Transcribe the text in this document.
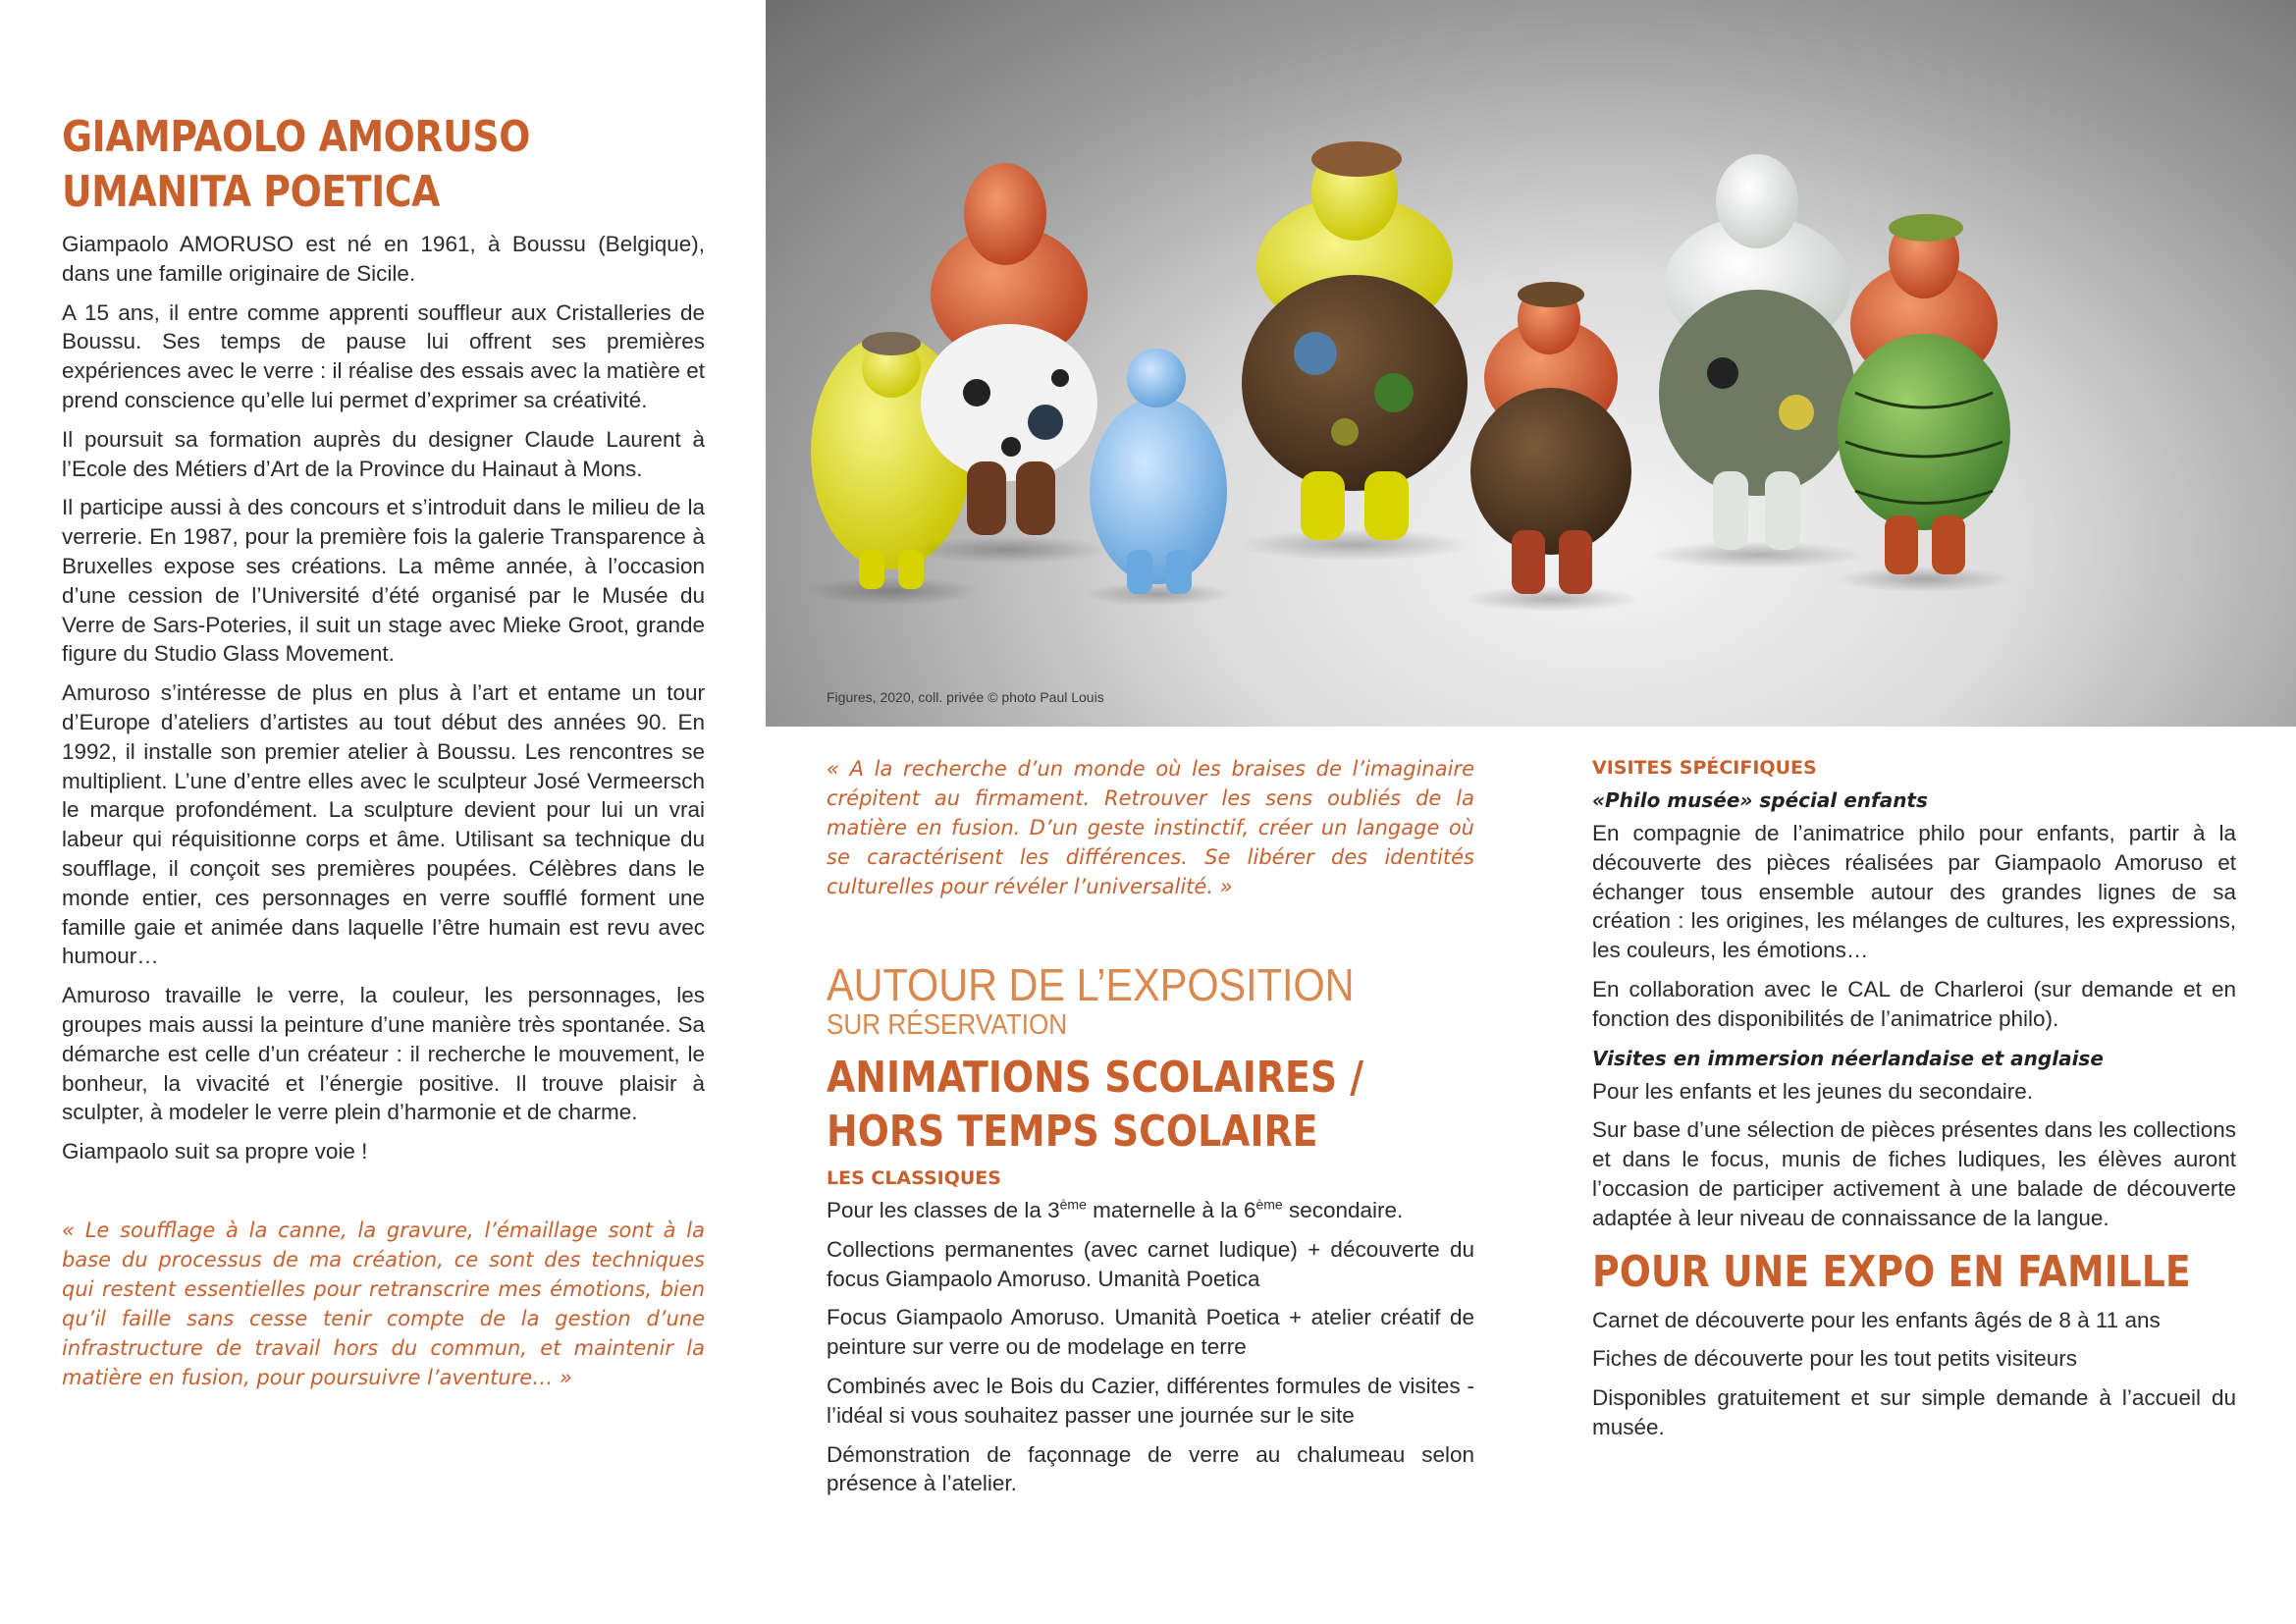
GIAMPAOLO AMORUSO
UMANITA POETICA

Giampaolo AMORUSO est né en 1961, à Boussu (Belgique), dans une famille originaire de Sicile.

A 15 ans, il entre comme apprenti souffleur aux Cristalleries de Boussu. Ses temps de pause lui offrent ses premières expériences avec le verre : il réalise des essais avec la matière et prend conscience qu’elle lui permet d’exprimer sa créativité.

Il poursuit sa formation auprès du designer Claude Laurent à l’Ecole des Métiers d’Art de la Province du Hainaut à Mons.

Il participe aussi à des concours et s’introduit dans le milieu de la verrerie. En 1987, pour la première fois la galerie Transparence à Bruxelles expose ses créations. La même année, à l’occasion d’une cession de l’Université d’été organisé par le Musée du Verre de Sars-Poteries, il suit un stage avec Mieke Groot, grande figure du Studio Glass Movement.

Amuroso s’intéresse de plus en plus à l’art et entame un tour d’Europe d’ateliers d’artistes au tout début des années 90. En 1992, il installe son premier atelier à Boussu. Les rencontres se multiplient. L’une d’entre elles avec le sculpteur José Vermeersch le marque profondément. La sculpture devient pour lui un vrai labeur qui réquisitionne corps et âme. Utilisant sa technique du soufflage, il conçoit ses premières poupées. Célèbres dans le monde entier, ces personnages en verre soufflé forment une famille gaie et animée dans laquelle l’être humain est revu avec humour…

Amuroso travaille le verre, la couleur, les personnages, les groupes mais aussi la peinture d’une manière très spontanée. Sa démarche est celle d’un créateur : il recherche le mouvement, le bonheur, la vivacité et l’énergie positive. Il trouve plaisir à sculpter, à modeler le verre plein d’harmonie et de charme.

Giampaolo suit sa propre voie !

« Le soufflage à la canne, la gravure, l’émaillage sont à la base du processus de ma création, ce sont des techniques qui restent essentielles pour retranscrire mes émotions, bien qu’il faille sans cesse tenir compte de la gestion d’une infrastructure de travail hors du commun, et maintenir la matière en fusion, pour poursuivre l’aventure… »

Figures, 2020, coll. privée © photo Paul Louis

« A la recherche d’un monde où les braises de l’imaginaire crépitent au firmament. Retrouver les sens oubliés de la matière en fusion. D’un geste instinctif, créer un langage où se caractérisent les différences. Se libérer des identités culturelles pour révéler l’universalité. »

AUTOUR DE L’EXPOSITION
SUR RÉSERVATION
ANIMATIONS SCOLAIRES /
HORS TEMPS SCOLAIRE
LES CLASSIQUES

Pour les classes de la 3ème maternelle à la 6ème secondaire.

Collections permanentes (avec carnet ludique) + découverte du focus Giampaolo Amoruso. Umanità Poetica

Focus Giampaolo Amoruso. Umanità Poetica + atelier créatif de peinture sur verre ou de modelage en terre

Combinés avec le Bois du Cazier, différentes formules de visites - l’idéal si vous souhaitez passer une journée sur le site

Démonstration de façonnage de verre au chalumeau selon présence à l’atelier.

VISITES SPÉCIFIQUES
«Philo musée» spécial enfants

En compagnie de l’animatrice philo pour enfants, partir à la découverte des pièces réalisées par Giampaolo Amoruso et échanger tous ensemble autour des grandes lignes de sa création : les origines, les mélanges de cultures, les expressions, les couleurs, les émotions…

En collaboration avec le CAL de Charleroi (sur demande et en fonction des disponibilités de l’animatrice philo).

Visites en immersion néerlandaise et anglaise

Pour les enfants et les jeunes du secondaire.

Sur base d’une sélection de pièces présentes dans les collections et dans le focus, munis de fiches ludiques, les élèves auront l’occasion de participer activement à une balade de découverte adaptée à leur niveau de connaissance de la langue.

POUR UNE EXPO EN FAMILLE

Carnet de découverte pour les enfants âgés de 8 à 11 ans

Fiches de découverte pour les tout petits visiteurs

Disponibles gratuitement et sur simple demande à l’accueil du musée.
